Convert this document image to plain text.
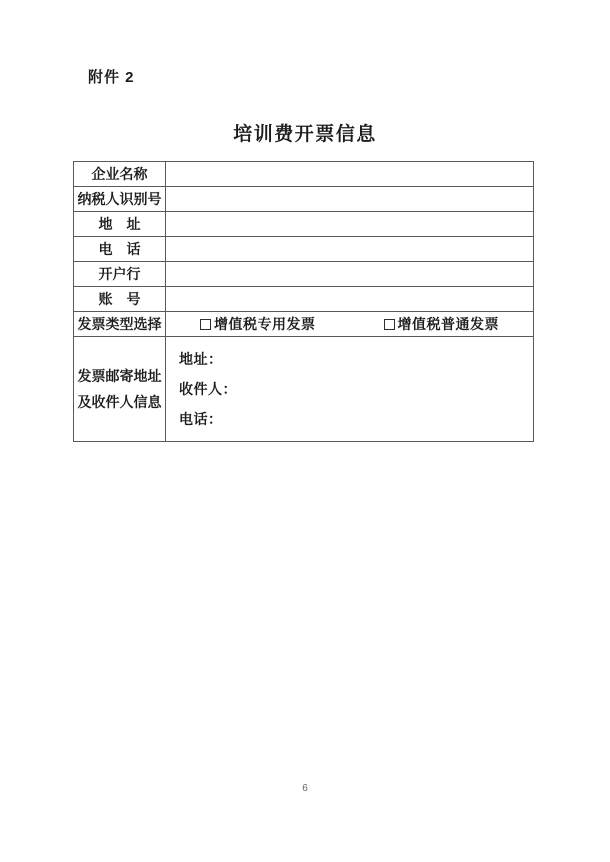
附件 2
培训费开票信息
企业名称
纳税人识别号
地　址
电　话
开户行
账　号
发票类型选择	增值税专用发票	增值税普通发票
发票邮寄地址
及收件人信息
地址：
收件人：
电话：
6
